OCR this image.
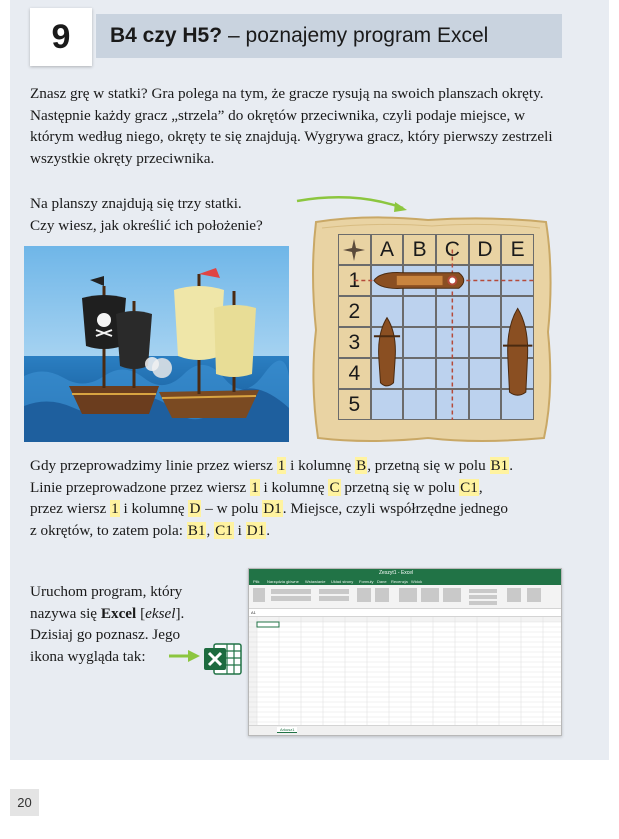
9	B4 czy H5? – poznajemy program Excel
Znasz grę w statki? Gra polega na tym, że gracze rysują na swoich planszach okręty. Następnie każdy gracz „strzela” do okrętów przeciwnika, czyli podaje miejsce, w którym według niego, okręty te się znajdują. Wygrywa gracz, który pierwszy zestrzeli wszystkie okręty przeciwnika.
Na planszy znajdują się trzy statki.
Czy wiesz, jak określić ich położenie?
A B C D E
1
2
3
4
5
Gdy przeprowadzimy linie przez wiersz 1 i kolumnę B, przetną się w polu B1.
Linie przeprowadzone przez wiersz 1 i kolumnę C przetną się w polu C1,
przez wiersz 1 i kolumnę D – w polu D1. Miejsce, czyli współrzędne jednego
z okrętów, to zatem pola: B1, C1 i D1.
Uruchom program, który
nazywa się Excel [eksel].
Dzisiaj go poznasz. Jego
ikona wygląda tak:
Zeszyt1 - Excel
Plik Narzędzia główne Wstawianie Układ strony Formuły Dane Recenzja Widok
A1
Arkusz1
20
